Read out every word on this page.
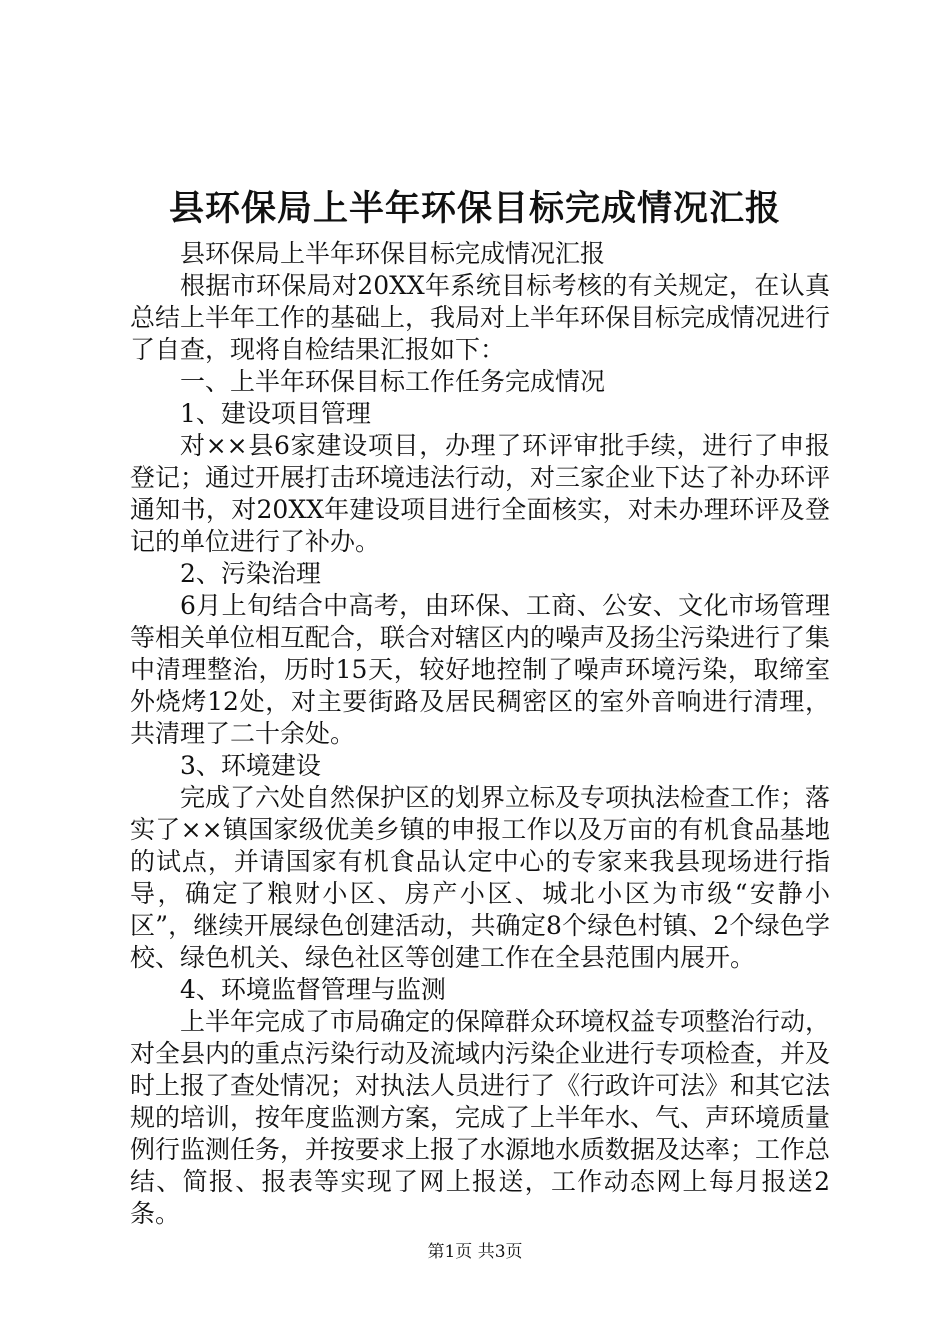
县环保局上半年环保目标完成情况汇报

县环保局上半年环保目标完成情况汇报

根据市环保局对20XX年系统目标考核的有关规定，在认真总结上半年工作的基础上，我局对上半年环保目标完成情况进行了自查，现将自检结果汇报如下：

一、上半年环保目标工作任务完成情况

1、建设项目管理

对××县6家建设项目，办理了环评审批手续，进行了申报登记；通过开展打击环境违法行动，对三家企业下达了补办环评通知书，对20XX年建设项目进行全面核实，对未办理环评及登记的单位进行了补办。

2、污染治理

6月上旬结合中高考，由环保、工商、公安、文化市场管理等相关单位相互配合，联合对辖区内的噪声及扬尘污染进行了集中清理整治，历时15天，较好地控制了噪声环境污染，取缔室外烧烤12处，对主要街路及居民稠密区的室外音响进行清理，共清理了二十余处。

3、环境建设

完成了六处自然保护区的划界立标及专项执法检查工作；落实了××镇国家级优美乡镇的申报工作以及万亩的有机食品基地的试点，并请国家有机食品认定中心的专家来我县现场进行指导，确定了粮财小区、房产小区、城北小区为市级“安静小区”，继续开展绿色创建活动，共确定8个绿色村镇、2个绿色学校、绿色机关、绿色社区等创建工作在全县范围内展开。

4、环境监督管理与监测

上半年完成了市局确定的保障群众环境权益专项整治行动，对全县内的重点污染行动及流域内污染企业进行专项检查，并及时上报了查处情况；对执法人员进行了《行政许可法》和其它法规的培训，按年度监测方案，完成了上半年水、气、声环境质量例行监测任务，并按要求上报了水源地水质数据及达率；工作总结、简报、报表等实现了网上报送，工作动态网上每月报送2条。

第1页 共3页
